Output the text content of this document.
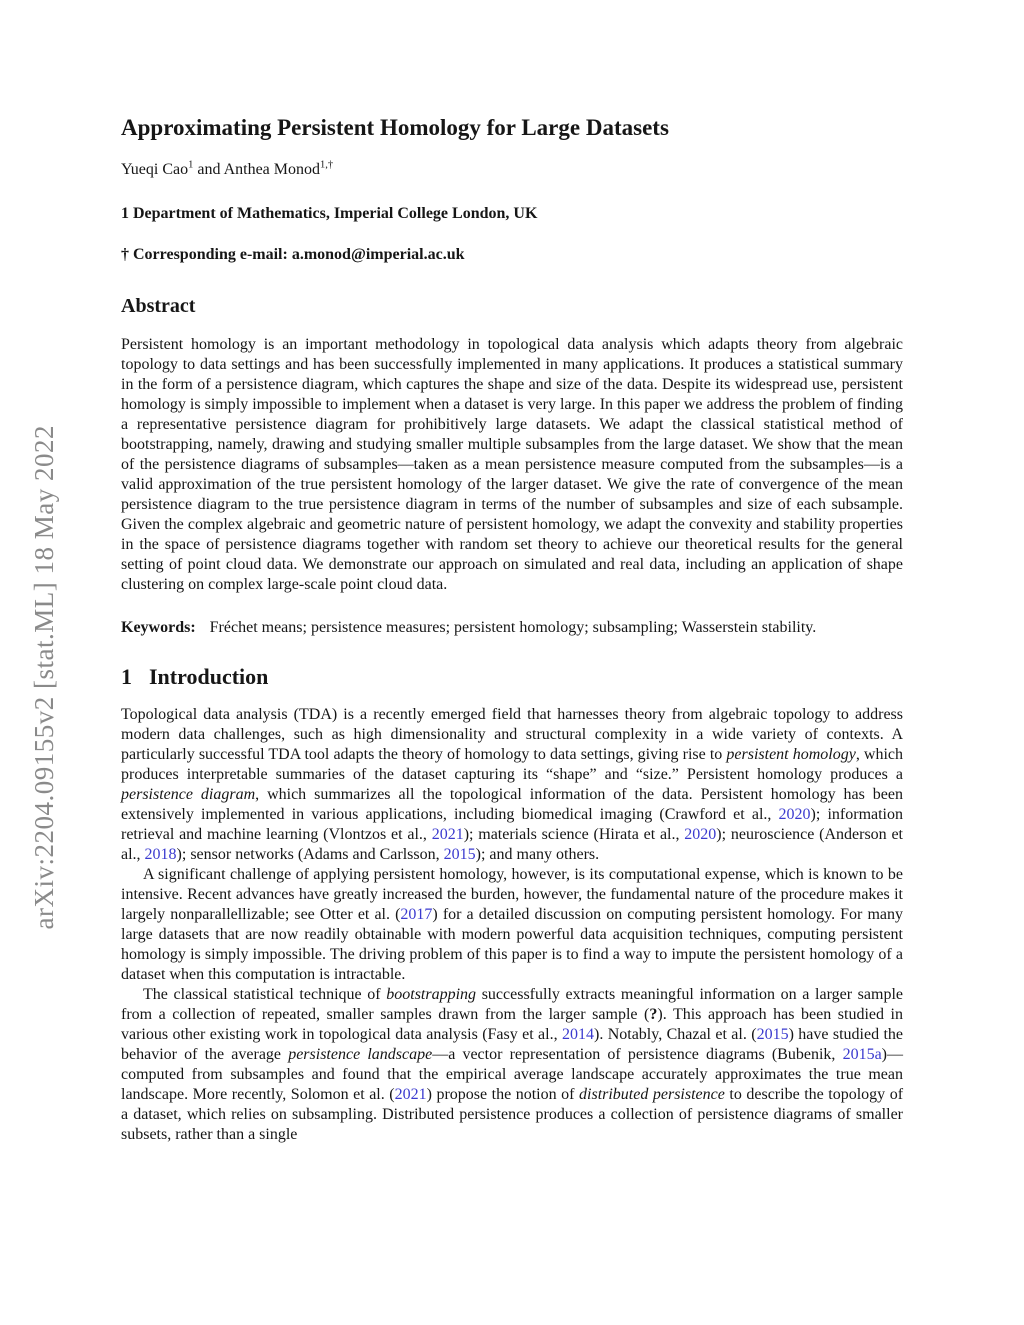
arXiv:2204.09155v2 [stat.ML] 18 May 2022
Approximating Persistent Homology for Large Datasets
Yueqi Cao$^1$ and Anthea Monod$^{1,\dagger}$
1 Department of Mathematics, Imperial College London, UK
† Corresponding e-mail: a.monod@imperial.ac.uk
Abstract

Persistent homology is an important methodology in topological data analysis which adapts theory from algebraic topology to data settings and has been successfully implemented in many applications. It produces a statistical summary in the form of a persistence diagram, which captures the shape and size of the data. Despite its widespread use, persistent homology is simply impossible to implement when a dataset is very large. In this paper we address the problem of finding a representative persistence diagram for prohibitively large datasets. We adapt the classical statistical method of bootstrapping, namely, drawing and studying smaller multiple subsamples from the large dataset. We show that the mean of the persistence diagrams of subsamples—taken as a mean persistence measure computed from the subsamples—is a valid approximation of the true persistent homology of the larger dataset. We give the rate of convergence of the mean persistence diagram to the true persistence diagram in terms of the number of subsamples and size of each subsample. Given the complex algebraic and geometric nature of persistent homology, we adapt the convexity and stability properties in the space of persistence diagrams together with random set theory to achieve our theoretical results for the general setting of point cloud data. We demonstrate our approach on simulated and real data, including an application of shape clustering on complex large-scale point cloud data.

Keywords: Fréchet means; persistence measures; persistent homology; subsampling; Wasserstein stability.
1 Introduction

Topological data analysis (TDA) is a recently emerged field that harnesses theory from algebraic topology to address modern data challenges, such as high dimensionality and structural complexity in a wide variety of contexts. A particularly successful TDA tool adapts the theory of homology to data settings, giving rise to persistent homology, which produces interpretable summaries of the dataset capturing its “shape” and “size.” Persistent homology produces a persistence diagram, which summarizes all the topological information of the data. Persistent homology has been extensively implemented in various applications, including biomedical imaging (Crawford et al., 2020); information retrieval and machine learning (Vlontzos et al., 2021); materials science (Hirata et al., 2020); neuroscience (Anderson et al., 2018); sensor networks (Adams and Carlsson, 2015); and many others.

A significant challenge of applying persistent homology, however, is its computational expense, which is known to be intensive. Recent advances have greatly increased the burden, however, the fundamental nature of the procedure makes it largely nonparallellizable; see Otter et al. (2017) for a detailed discussion on computing persistent homology. For many large datasets that are now readily obtainable with modern powerful data acquisition techniques, computing persistent homology is simply impossible. The driving problem of this paper is to find a way to impute the persistent homology of a dataset when this computation is intractable.

The classical statistical technique of bootstrapping successfully extracts meaningful information on a larger sample from a collection of repeated, smaller samples drawn from the larger sample (?). This approach has been studied in various other existing work in topological data analysis (Fasy et al., 2014). Notably, Chazal et al. (2015) have studied the behavior of the average persistence landscape—a vector representation of persistence diagrams (Bubenik, 2015a)—computed from subsamples and found that the empirical average landscape accurately approximates the true mean landscape. More recently, Solomon et al. (2021) propose the notion of distributed persistence to describe the topology of a dataset, which relies on subsampling. Distributed persistence produces a collection of persistence diagrams of smaller subsets, rather than a single
